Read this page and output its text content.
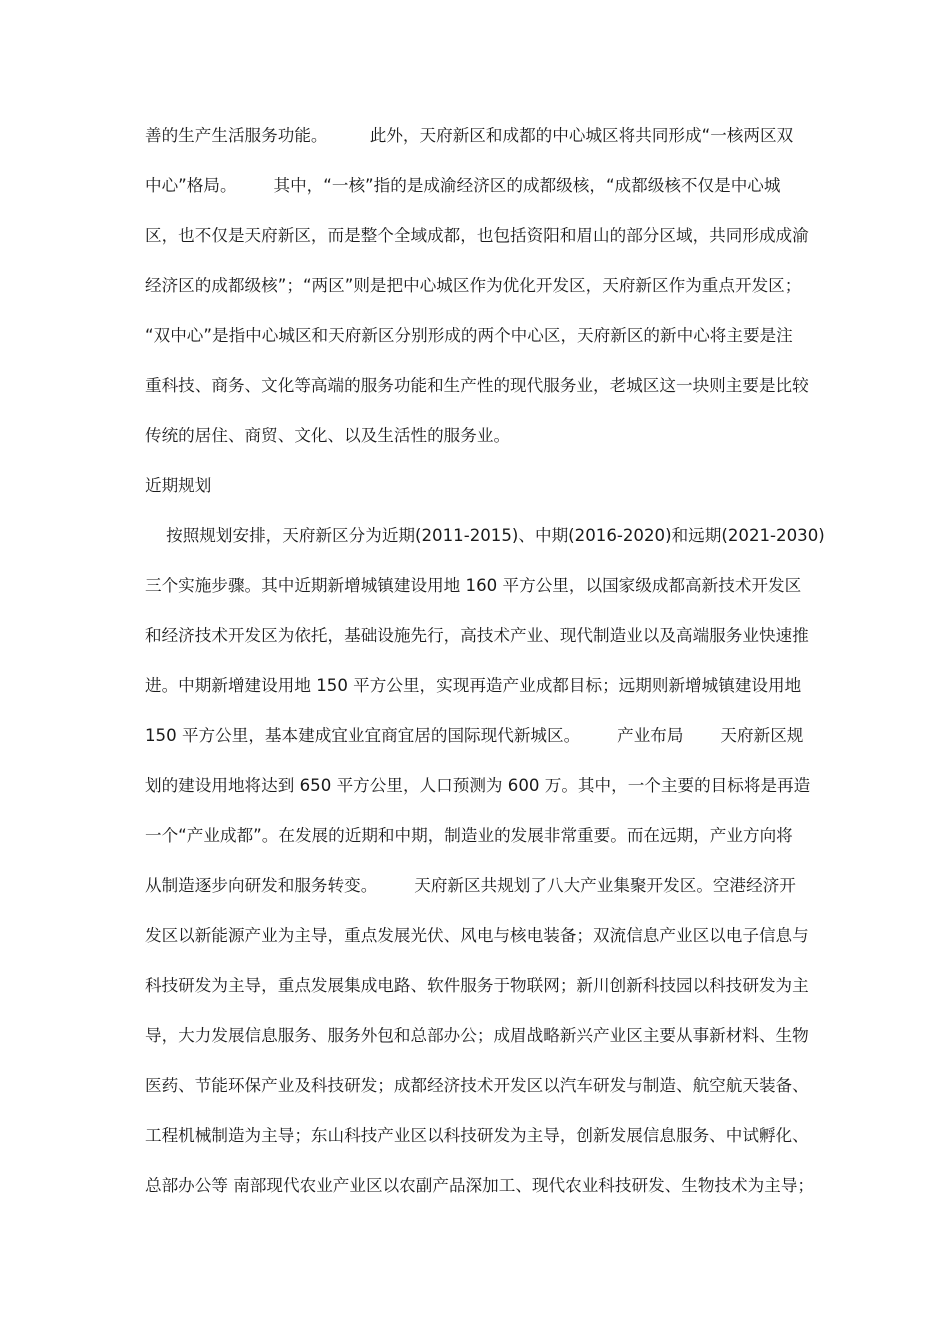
善的生产生活服务功能。        此外，天府新区和成都的中心城区将共同形成“一核两区双
中心”格局。       其中，“一核”指的是成渝经济区的成都级核，“成都级核不仅是中心城
区，也不仅是天府新区，而是整个全域成都，也包括资阳和眉山的部分区域，共同形成成渝
经济区的成都级核”；“两区”则是把中心城区作为优化开发区，天府新区作为重点开发区；
“双中心”是指中心城区和天府新区分别形成的两个中心区，天府新区的新中心将主要是注
重科技、商务、文化等高端的服务功能和生产性的现代服务业，老城区这一块则主要是比较
传统的居住、商贸、文化、以及生活性的服务业。
近期规划
按照规划安排，天府新区分为近期(2011-2015)、中期(2016-2020)和远期(2021-2030)
三个实施步骤。其中近期新增城镇建设用地 160 平方公里，以国家级成都高新技术开发区
和经济技术开发区为依托，基础设施先行，高技术产业、现代制造业以及高端服务业快速推
进。中期新增建设用地 150 平方公里，实现再造产业成都目标；远期则新增城镇建设用地
150 平方公里，基本建成宜业宜商宜居的国际现代新城区。       产业布局       天府新区规
划的建设用地将达到 650 平方公里，人口预测为 600 万。其中，一个主要的目标将是再造
一个“产业成都”。在发展的近期和中期，制造业的发展非常重要。而在远期，产业方向将
从制造逐步向研发和服务转变。       天府新区共规划了八大产业集聚开发区。空港经济开
发区以新能源产业为主导，重点发展光伏、风电与核电装备；双流信息产业区以电子信息与
科技研发为主导，重点发展集成电路、软件服务于物联网；新川创新科技园以科技研发为主
导，大力发展信息服务、服务外包和总部办公；成眉战略新兴产业区主要从事新材料、生物
医药、节能环保产业及科技研发；成都经济技术开发区以汽车研发与制造、航空航天装备、
工程机械制造为主导；东山科技产业区以科技研发为主导，创新发展信息服务、中试孵化、
总部办公等 南部现代农业产业区以农副产品深加工、现代农业科技研发、生物技术为主导；
